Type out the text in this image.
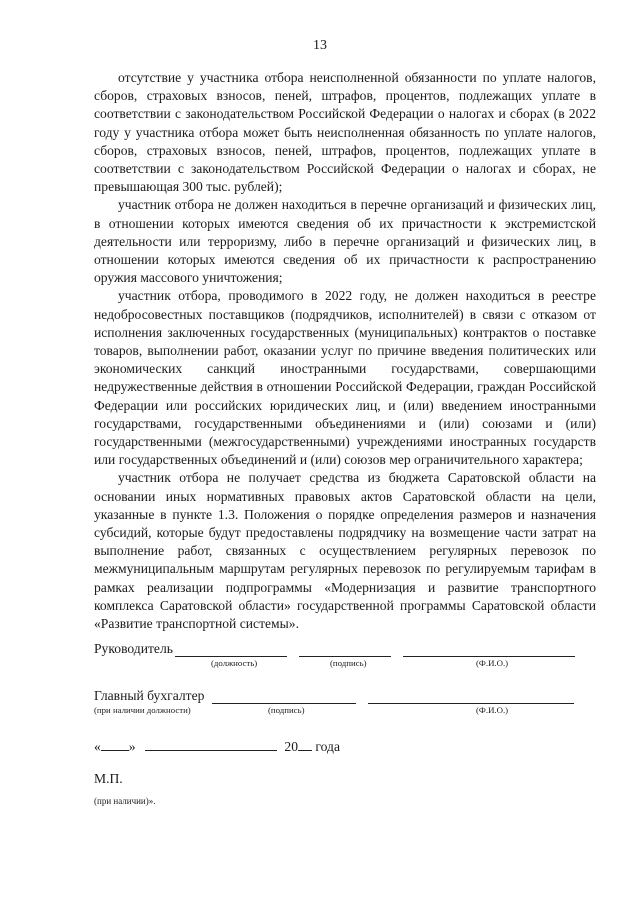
13

отсутствие у участника отбора неисполненной обязанности по уплате налогов, сборов, страховых взносов, пеней, штрафов, процентов, подлежащих уплате в соответствии с законодательством Российской Федерации о налогах и сборах (в 2022 году у участника отбора может быть неисполненная обязанность по уплате налогов, сборов, страховых взносов, пеней, штрафов, процентов, подлежащих уплате в соответствии с законодательством Российской Федерации о налогах и сборах, не превышающая 300 тыс. рублей);

участник отбора не должен находиться в перечне организаций и физических лиц, в отношении которых имеются сведения об их причастности к экстремистской деятельности или терроризму, либо в перечне организаций и физических лиц, в отношении которых имеются сведения об их причастности к распространению оружия массового уничтожения;

участник отбора, проводимого в 2022 году, не должен находиться в реестре недобросовестных поставщиков (подрядчиков, исполнителей) в связи с отказом от исполнения заключенных государственных (муниципальных) контрактов о поставке товаров, выполнении работ, оказании услуг по причине введения политических или экономических санкций иностранными государствами, совершающими недружественные действия в отношении Российской Федерации, граждан Российской Федерации или российских юридических лиц, и (или) введением иностранными государствами, государственными объединениями и (или) союзами и (или) государственными (межгосударственными) учреждениями иностранных государств или государственных объединений и (или) союзов мер ограничительного характера;

участник отбора не получает средства из бюджета Саратовской области на основании иных нормативных правовых актов Саратовской области на цели, указанные в пункте 1.3. Положения о порядке определения размеров и назначения субсидий, которые будут предоставлены подрядчику на возмещение части затрат на выполнение работ, связанных с осуществлением регулярных перевозок по межмуниципальным маршрутам регулярных перевозок по регулируемым тарифам в рамках реализации подпрограммы «Модернизация и развитие транспортного комплекса Саратовской области» государственной программы Саратовской области «Развитие транспортной системы».

Руководитель
(должность)	(подпись)	(Ф.И.О.)
Главный бухгалтер
(при наличии должности)	(подпись)	(Ф.И.О.)
« »	20 года
М.П.
(при наличии)».
